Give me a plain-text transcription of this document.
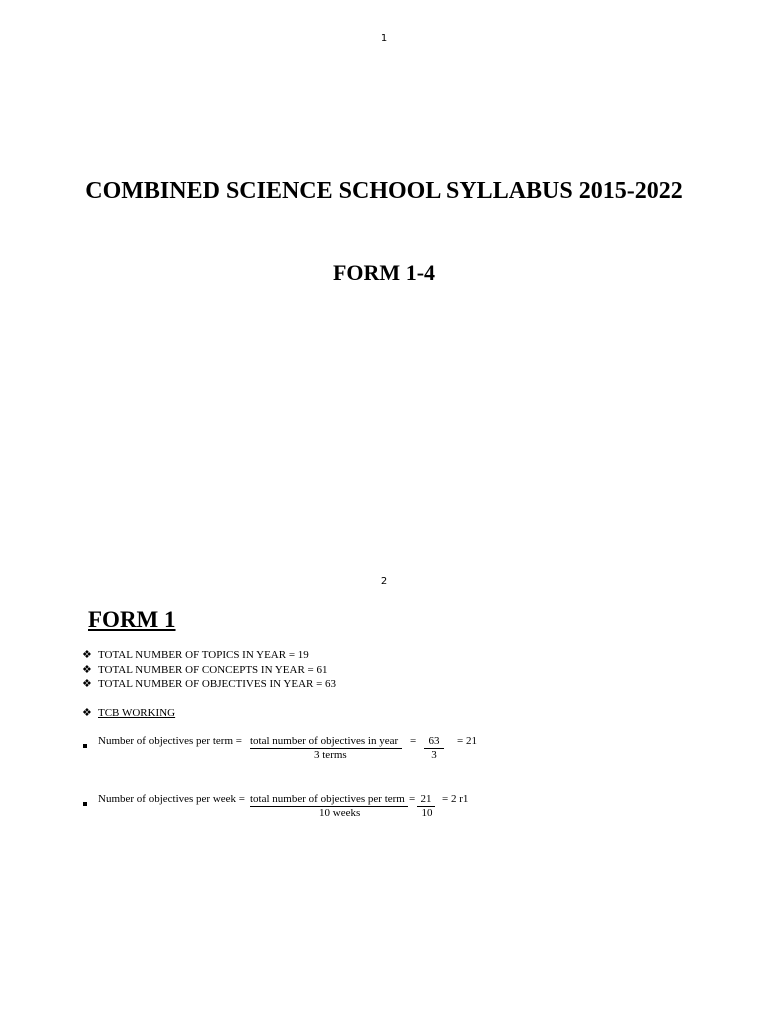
1
COMBINED SCIENCE SCHOOL SYLLABUS 2015-2022
FORM 1-4
2
FORM 1
❖ TOTAL NUMBER OF TOPICS IN YEAR = 19
❖ TOTAL NUMBER OF CONCEPTS IN YEAR = 61
❖ TOTAL NUMBER OF OBJECTIVES IN YEAR = 63
❖ TCB WORKING
Number of objectives per term = total number of objectives in year
3 terms
=	63
3
= 21
Number of objectives per week = total number of objectives per term
10 weeks
= 21
10
= 2 r1
